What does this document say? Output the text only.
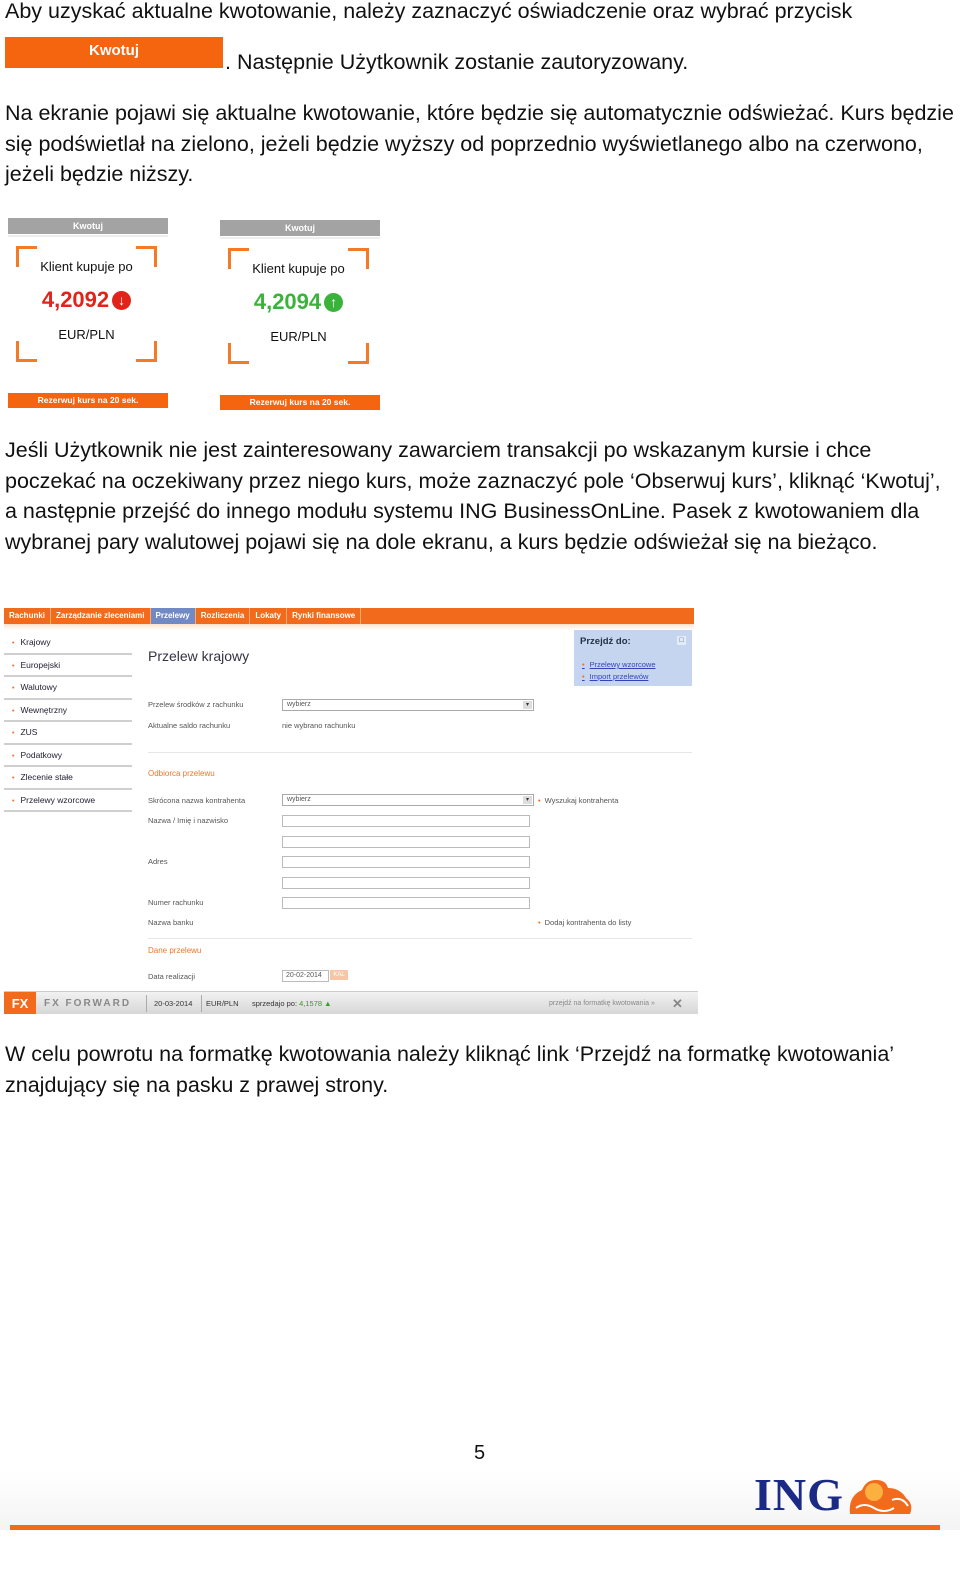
Aby uzyskać aktualne kwotowanie, należy zaznaczyć oświadczenie oraz wybrać przycisk

Kwotuj	. Następnie Użytkownik zostanie zautoryzowany.

Na ekranie pojawi się aktualne kwotowanie, które będzie się automatycznie odświeżać. Kurs będzie się podświetlał na zielono, jeżeli będzie wyższy od poprzednio wyświetlanego albo na czerwono, jeżeli będzie niższy.

Kwotuj
Klient kupuje po
4,2092 ↓
EUR/PLN
Rezerwuj kurs na 20 sek.
Kwotuj
Klient kupuje po
4,2094 ↑
EUR/PLN
Rezerwuj kurs na 20 sek.

Jeśli Użytkownik nie jest zainteresowany zawarciem transakcji po wskazanym kursie i chce poczekać na oczekiwany przez niego kurs, może zaznaczyć pole ‘Obserwuj kurs’, kliknąć ‘Kwotuj’, a następnie przejść do innego modułu systemu ING BusinessOnLine. Pasek z kwotowaniem dla wybranej pary walutowej pojawi się na dole ekranu, a kurs będzie odświeżał się na bieżąco.

Rachunki	Zarządzanie zleceniami	Przelewy	Rozliczenia	Lokaty	Rynki finansowe
• Krajowy
• Europejski
• Walutowy
• Wewnętrzny
• ZUS
• Podatkowy
• Zlecenie stałe
• Przelewy wzorcowe
Przelew krajowy
Przejdź do:	□
• Przelewy wzorcowe
• Import przelewów
Przelew środków z rachunku	wybierz	▾
Aktualne saldo rachunku	nie wybrano rachunku
Odbiorca przelewu
Skrócona nazwa kontrahenta	wybierz	▾	• Wyszukaj kontrahenta
Nazwa / Imię i nazwisko
Adres
Numer rachunku
Nazwa banku	• Dodaj kontrahenta do listy
Dane przelewu
Data realizacji	20-02-2014	KAL
FX	FX FORWARD	20-03-2014 EUR/PLN sprzedajo po: 4,1578 ▲	przejdź na formatkę kwotowania » ✕

W celu powrotu na formatkę kwotowania należy kliknąć link ‘Przejdź na formatkę kwotowania’ znajdujący się na pasku z prawej strony.

5
ING
